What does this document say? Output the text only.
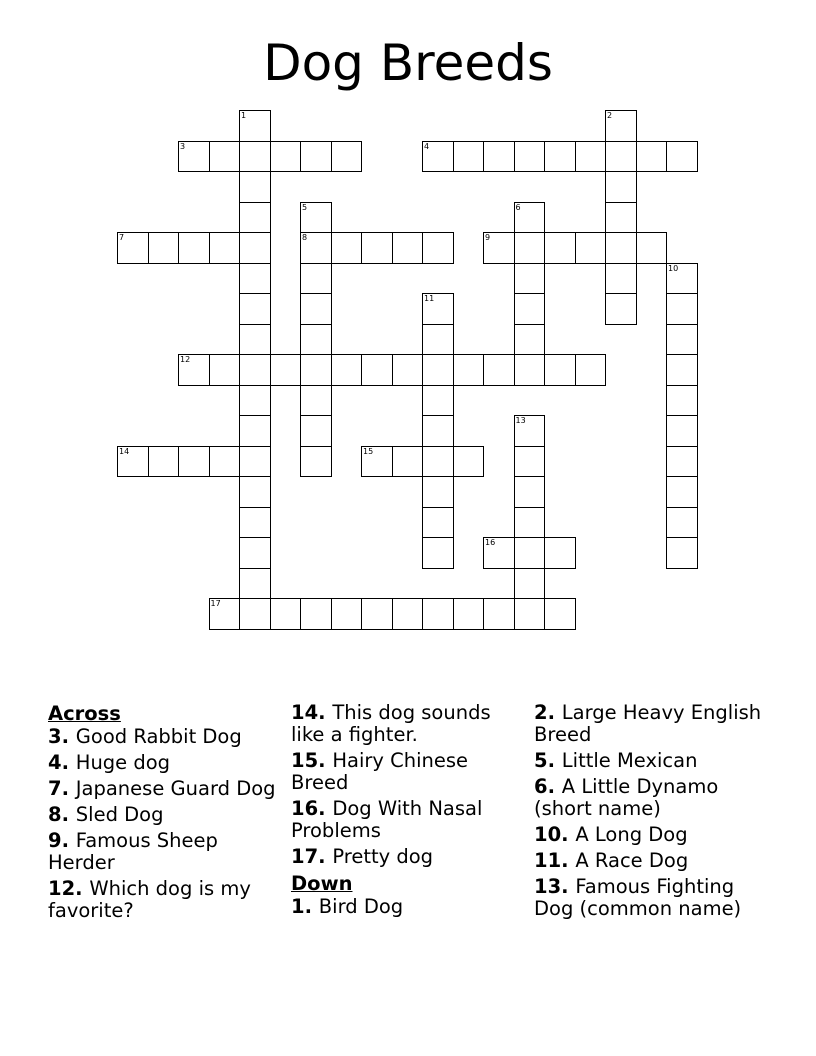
Dog Breeds
1	2
3	4
5
8
6
7	9
10
11
12
13
14	15
16
17
Across
3. Good Rabbit Dog
4. Huge dog
7. Japanese Guard Dog
8. Sled Dog
9. Famous Sheep Herder
12. Which dog is my favorite?
14. This dog sounds like a fighter.
15. Hairy Chinese Breed
16. Dog With Nasal Problems
17. Pretty dog
Down
1. Bird Dog
2. Large Heavy English Breed
5. Little Mexican
6. A Little Dynamo (short name)
10. A Long Dog
11. A Race Dog
13. Famous Fighting Dog (common name)
